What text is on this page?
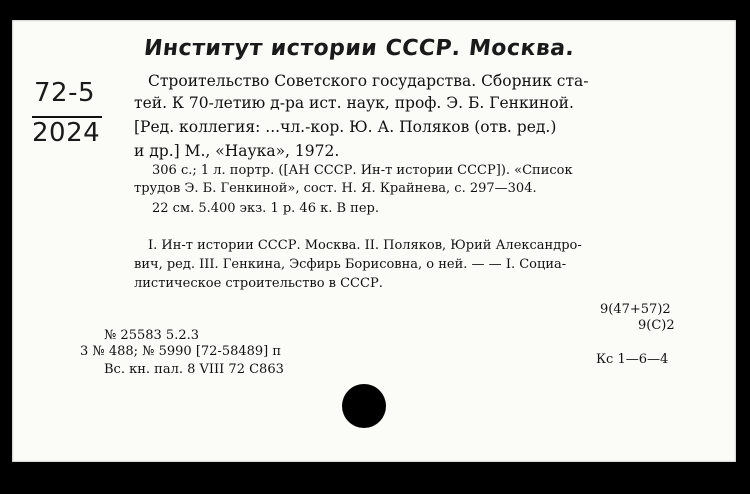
Институт истории СССР. Москва.
72-5
2024
Строительство Советского государства. Сборник ста-
тей. К 70-летию д-ра ист. наук, проф. Э. Б. Генкиной.
[Ред. коллегия: ...чл.-кор. Ю. А. Поляков (отв. ред.)
и др.] М., «Наука», 1972.
306 с.; 1 л. портр. ([АН СССР. Ин-т истории СССР]). «Список
трудов Э. Б. Генкиной», сост. Н. Я. Крайнева, с. 297—304.
22 см. 5.400 экз. 1 р. 46 к. В пер.
I. Ин-т истории СССР. Москва. II. Поляков, Юрий Александро-
вич, ред. III. Генкина, Эсфирь Борисовна, о ней. — — I. Социа-
листическое строительство в СССР.
9(47+57)2
9(С)2
№ 25583 5.2.3
3 № 488; № 5990 [72-58489] п
Вс. кн. пал. 8 VIII 72 С863
Кс 1—6—4
